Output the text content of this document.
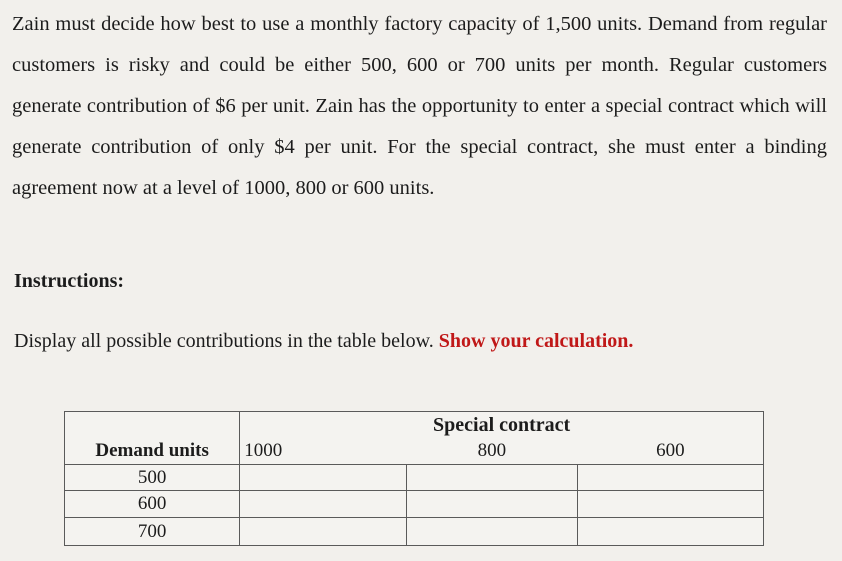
Zain must decide how best to use a monthly factory capacity of 1,500 units. Demand from regular customers is risky and could be either 500, 600 or 700 units per month. Regular customers generate contribution of $6 per unit. Zain has the opportunity to enter a special contract which will generate contribution of only $4 per unit. For the special contract, she must enter a binding agreement now at a level of 1000, 800 or 600 units.

Instructions:
Display all possible contributions in the table below. Show your calculation.
	Special contract		
Demand units	1000	800	600
500			
600			
700			
